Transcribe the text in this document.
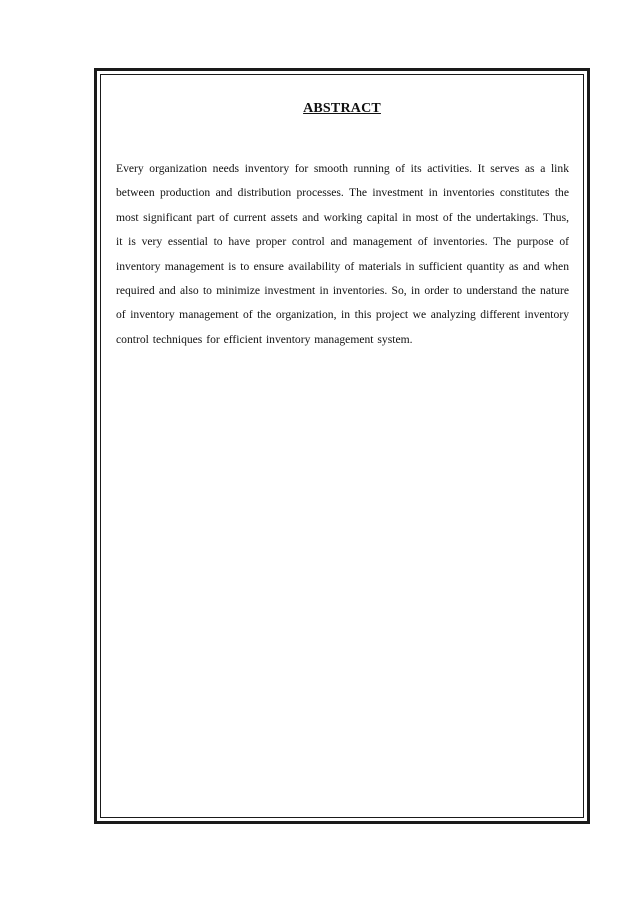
ABSTRACT

Every organization needs inventory for smooth running of its activities. It serves as a link between production and distribution processes. The investment in inventories constitutes the most significant part of current assets and working capital in most of the undertakings. Thus, it is very essential to have proper control and management of inventories. The purpose of inventory management is to ensure availability of materials in sufficient quantity as and when required and also to minimize investment in inventories. So, in order to understand the nature of inventory management of the organization, in this project we analyzing different inventory control techniques for efficient inventory management system.
